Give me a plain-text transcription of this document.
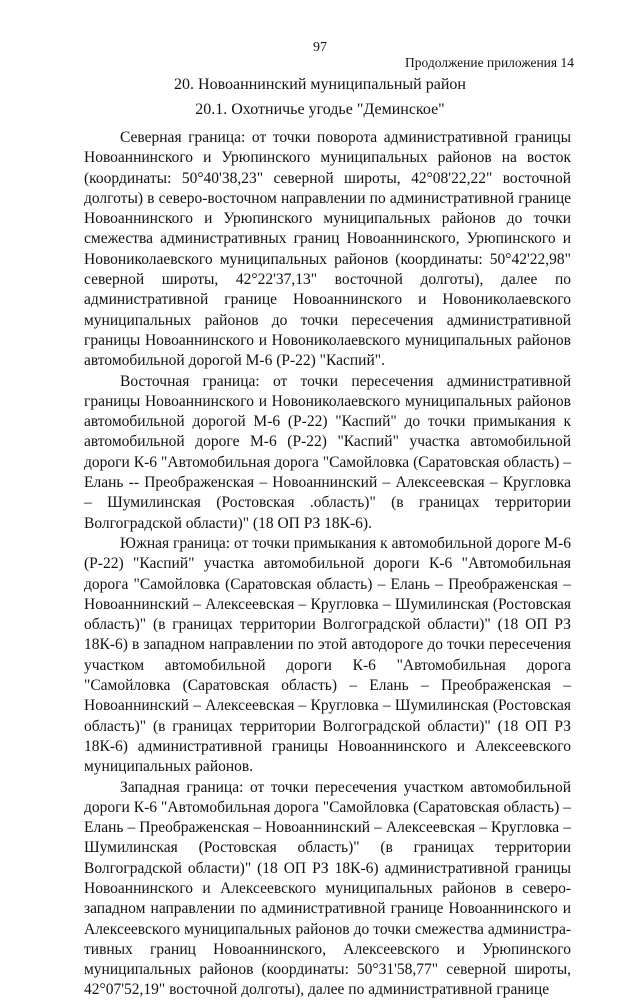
97
Продолжение приложения 14
20. Новоаннинский муниципальный район
20.1. Охотничье угодье "Деминское"

Северная граница: от точки поворота административной границы Новоаннинского и Урюпинского муниципальных районов на восток (координаты: 50°40'38,23" северной широты, 42°08'22,22" восточной долготы) в северо-восточном направлении по административной границе Новоаннинского и Урюпинского муниципальных районов до точки смежества административных границ Новоаннинского, Урюпинского и Новониколаевского муниципальных районов (координаты: 50°42'22,98" северной широты, 42°22'37,13" восточной долготы), далее по административной границе Новоаннинского и Новониколаевского муниципальных районов до точки пересечения административной границы Новоаннинского и Новониколаевского муниципальных районов автомобильной дорогой М-6 (Р-22) "Каспий".

Восточная граница: от точки пересечения административной границы Новоаннинского и Новониколаевского муниципальных районов автомобильной дорогой М-6 (Р-22) "Каспий" до точки примыкания к автомобильной дороге М-6 (Р-22) "Каспий" участка автомобильной дороги К-6 "Автомобильная дорога "Самойловка (Саратовская область) – Елань -- Преображенская – Новоаннинский – Алексеевская – Кругловка – Шумилинская (Ростовская .область)" (в границах территории Волгоградской области)" (18 ОП РЗ 18К-6).

Южная граница: от точки примыкания к автомобильной дороге М-6 (Р-22) "Каспий" участка автомобильной дороги К-6 "Автомобильная дорога "Самойловка (Саратовская область) – Елань – Преображенская – Новоаннинский – Алексеевская – Кругловка – Шумилинская (Ростовская область)" (в границах территории Волгоградской области)" (18 ОП РЗ 18К-6) в западном направлении по этой автодороге до точки пересечения участком автомобильной дороги К-6 "Автомобильная дорога "Самойловка (Саратовская область) – Елань – Преображенская – Новоаннинский – Алексеевская – Кругловка – Шумилинская (Ростовская область)" (в границах территории Волгоградской области)" (18 ОП РЗ 18К-6) административной границы Новоаннинского и Алексеевского муниципальных районов.

Западная граница: от точки пересечения участком автомобильной дороги К-6 "Автомобильная дорога "Самойловка (Саратовская область) – Елань – Преображенская – Новоаннинский – Алексеевская – Кругловка – Шумилинская (Ростовская область)" (в границах территории Волгоградской области)" (18 ОП РЗ 18К-6) административной границы Новоаннинского и Алексеевского муниципальных районов в северозападном направлении по административной границе Новоаннинского и Алексеевского муниципальных районов до точки смежества административных границ Новоаннинского, Алексеевского и Урюпинского муниципальных районов (координаты: 50°31'58,77" северной широты, 42°07'52,19" восточной долготы), далее по административной границе
